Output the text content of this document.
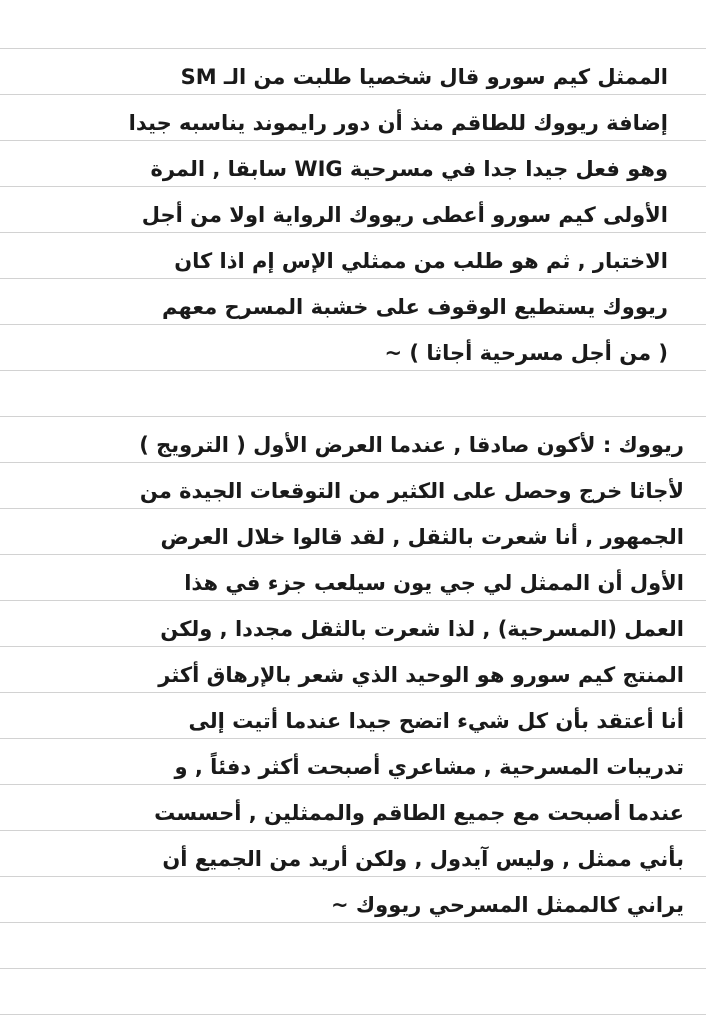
الممثل كيم سورو قال شخصيا طلبت من الـ SM
إضافة ريووك للطاقم منذ أن دور رايموند يناسبه جيدا
وهو فعل جيدا جدا في مسرحية WIG سابقا , المرة
الأولى كيم سورو أعطى ريووك الرواية اولا من أجل
الاختبار , ثم هو طلب من ممثلي الإس إم اذا كان
ريووك يستطيع الوقوف على خشبة المسرح معهم
( من أجل مسرحية أجاثا ) ~
ريووك : لأكون صادقا , عندما العرض الأول ( الترويج )
لأجاثا خرج وحصل على الكثير من التوقعات الجيدة من
الجمهور , أنا شعرت بالثقل , لقد قالوا خلال العرض
الأول أن الممثل لي جي يون سيلعب جزء في هذا
العمل (المسرحية) , لذا شعرت بالثقل مجددا , ولكن
المنتج كيم سورو هو الوحيد الذي شعر بالإرهاق أكثر
أنا أعتقد بأن كل شيء اتضح جيدا عندما أتيت إلى
تدريبات المسرحية , مشاعري أصبحت أكثر دفئاً , و
عندما أصبحت مع جميع الطاقم والممثلين , أحسست
بأني ممثل , وليس آيدول , ولكن أريد من الجميع أن
يراني كالممثل المسرحي ريووك ~
